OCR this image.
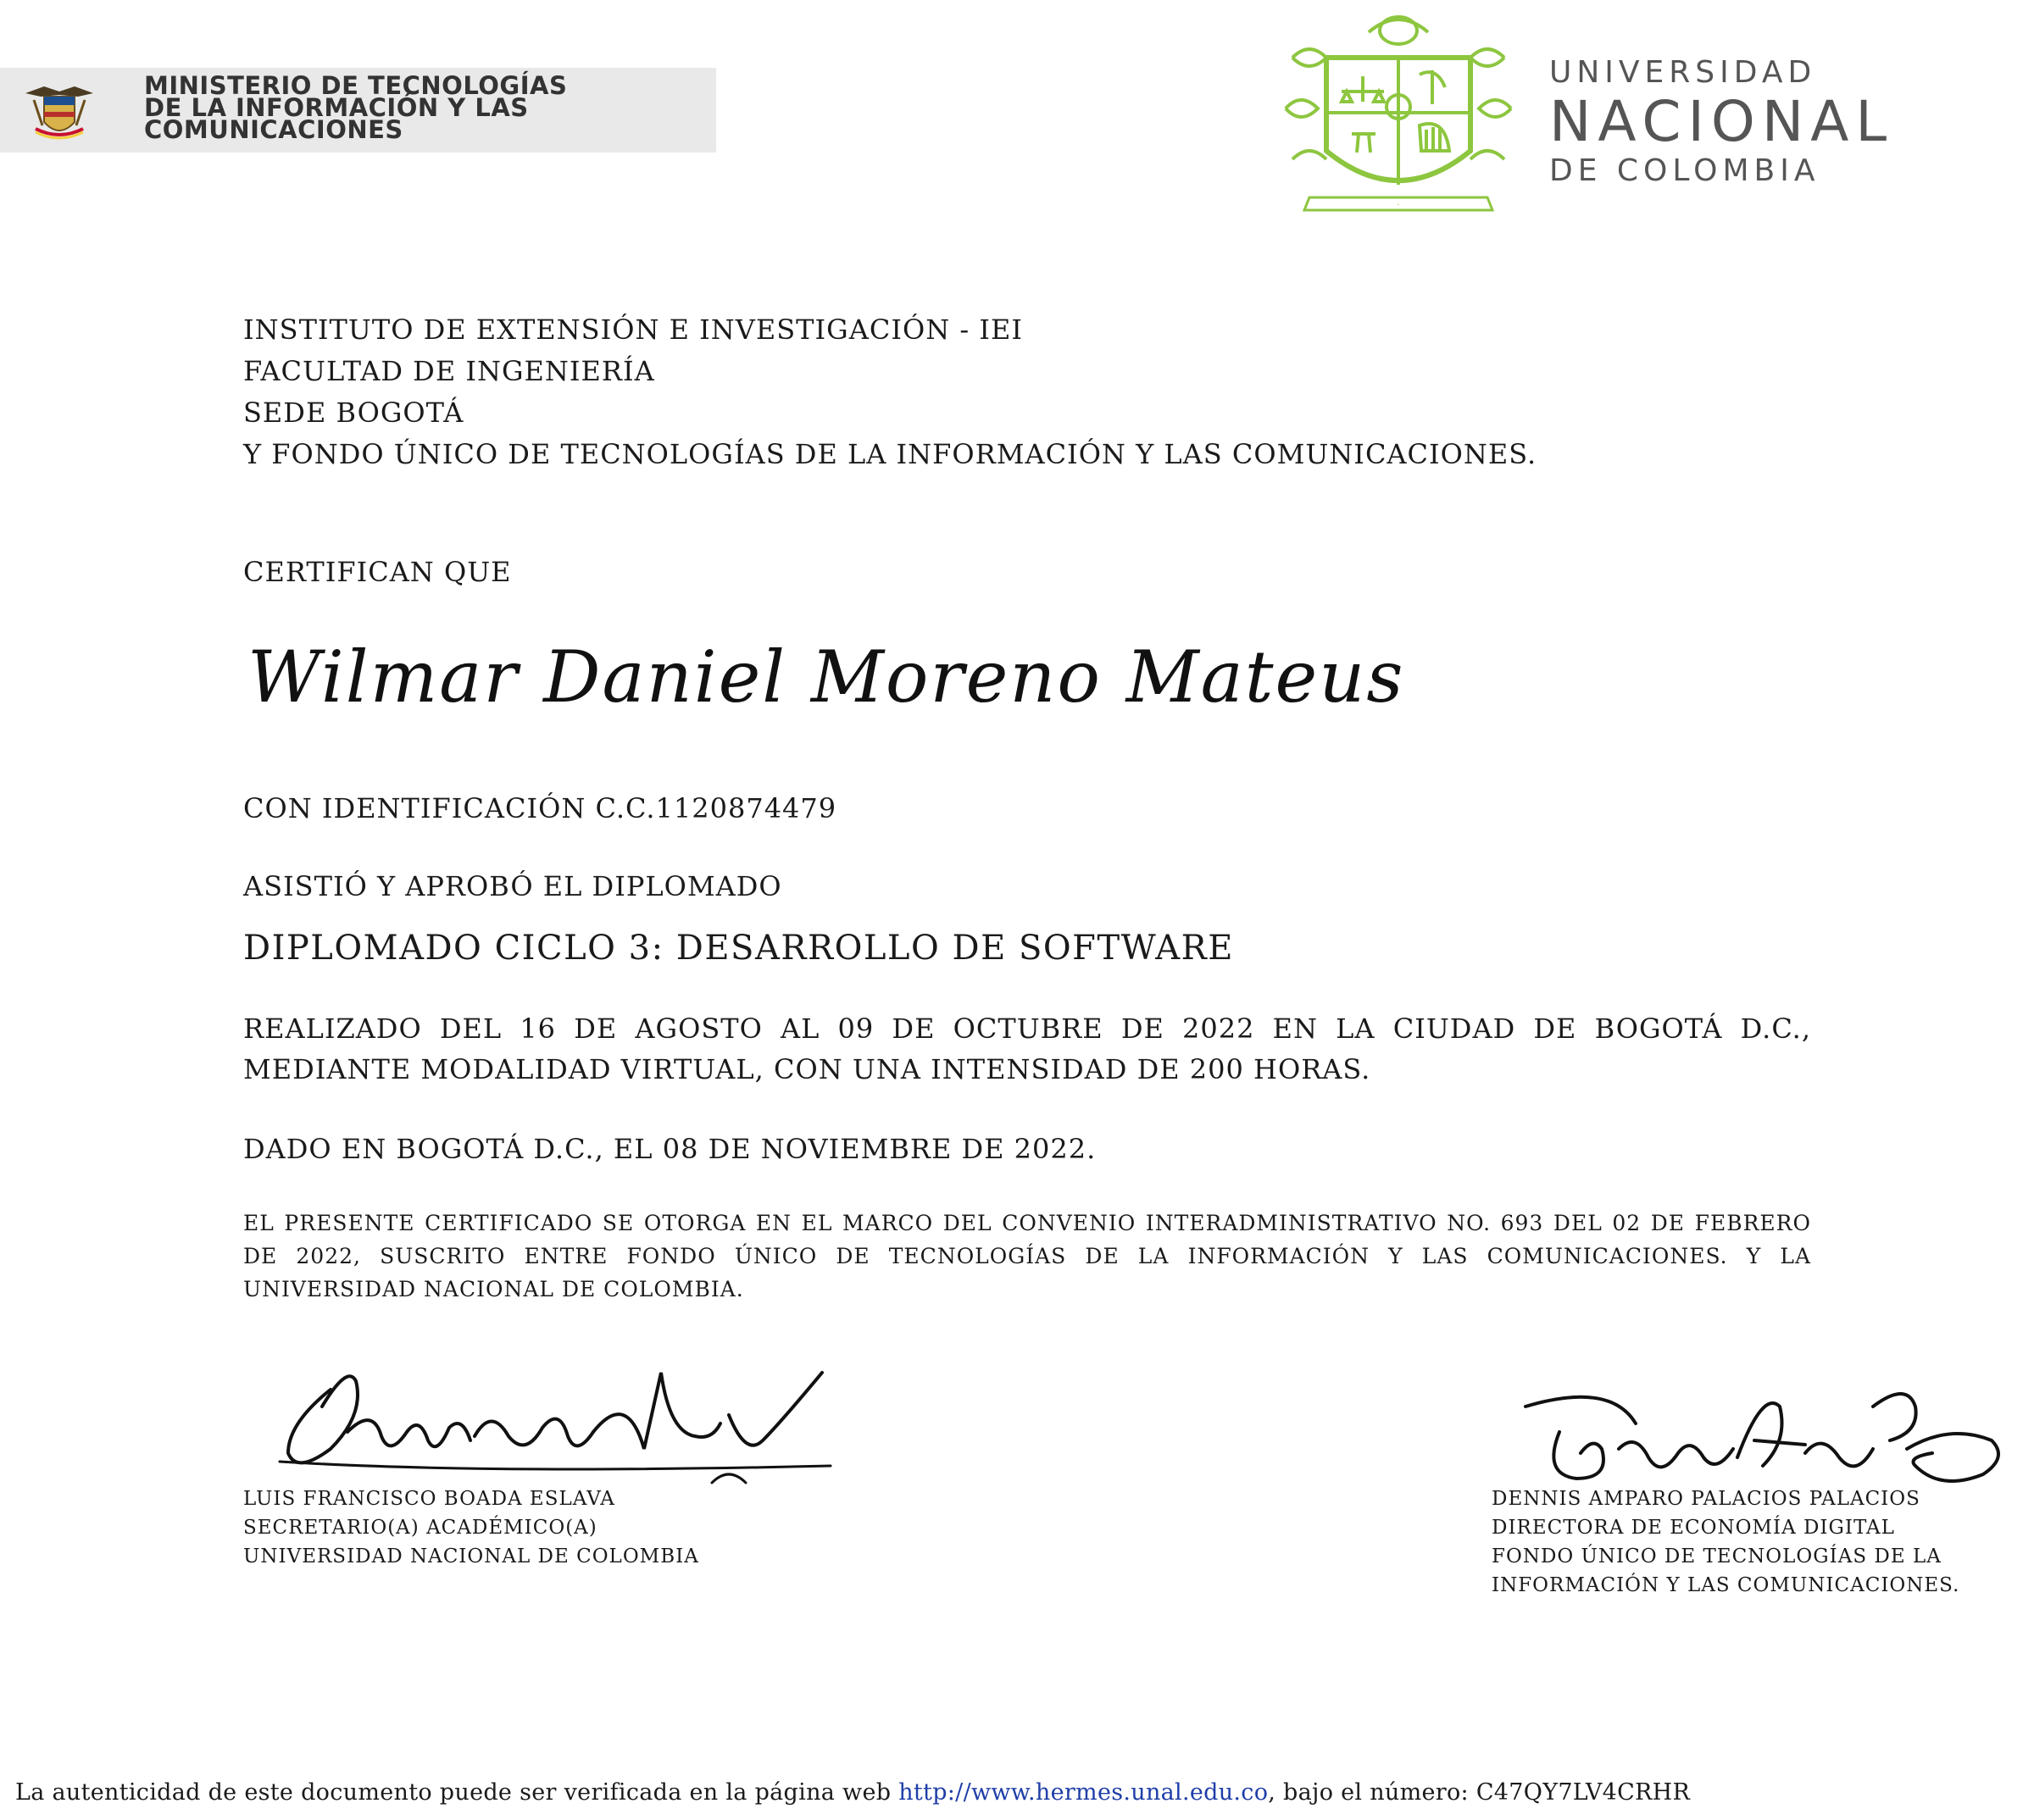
MINISTERIO DE TECNOLOGÍAS
DE LA INFORMACIÓN Y LAS
COMUNICACIONES
·
UNIVERSIDAD
NACIONAL
DE COLOMBIA
INSTITUTO DE EXTENSIÓN E INVESTIGACIÓN - IEI
FACULTAD DE INGENIERÍA
SEDE BOGOTÁ
Y FONDO ÚNICO DE TECNOLOGÍAS DE LA INFORMACIÓN Y LAS COMUNICACIONES.
CERTIFICAN QUE
Wilmar Daniel Moreno Mateus
CON IDENTIFICACIÓN C.C.1120874479
ASISTIÓ Y APROBÓ EL DIPLOMADO
DIPLOMADO CICLO 3: DESARROLLO DE SOFTWARE
REALIZADO DEL 16 DE AGOSTO AL 09 DE OCTUBRE DE 2022 EN LA CIUDAD DE BOGOTÁ D.C., MEDIANTE MODALIDAD VIRTUAL, CON UNA INTENSIDAD DE 200 HORAS.
DADO EN BOGOTÁ D.C., EL 08 DE NOVIEMBRE DE 2022.
EL PRESENTE CERTIFICADO SE OTORGA EN EL MARCO DEL CONVENIO INTERADMINISTRATIVO NO. 693 DEL 02 DE FEBRERO DE 2022, SUSCRITO ENTRE FONDO ÚNICO DE TECNOLOGÍAS DE LA INFORMACIÓN Y LAS COMUNICACIONES. Y LA UNIVERSIDAD NACIONAL DE COLOMBIA.
LUIS FRANCISCO BOADA ESLAVA
SECRETARIO(A) ACADÉMICO(A)
UNIVERSIDAD NACIONAL DE COLOMBIA
DENNIS AMPARO PALACIOS PALACIOS
DIRECTORA DE ECONOMÍA DIGITAL
FONDO ÚNICO DE TECNOLOGÍAS DE LA
INFORMACIÓN Y LAS COMUNICACIONES.
La autenticidad de este documento puede ser verificada en la página web http://www.hermes.unal.edu.co, bajo el número: C47QY7LV4CRHR
